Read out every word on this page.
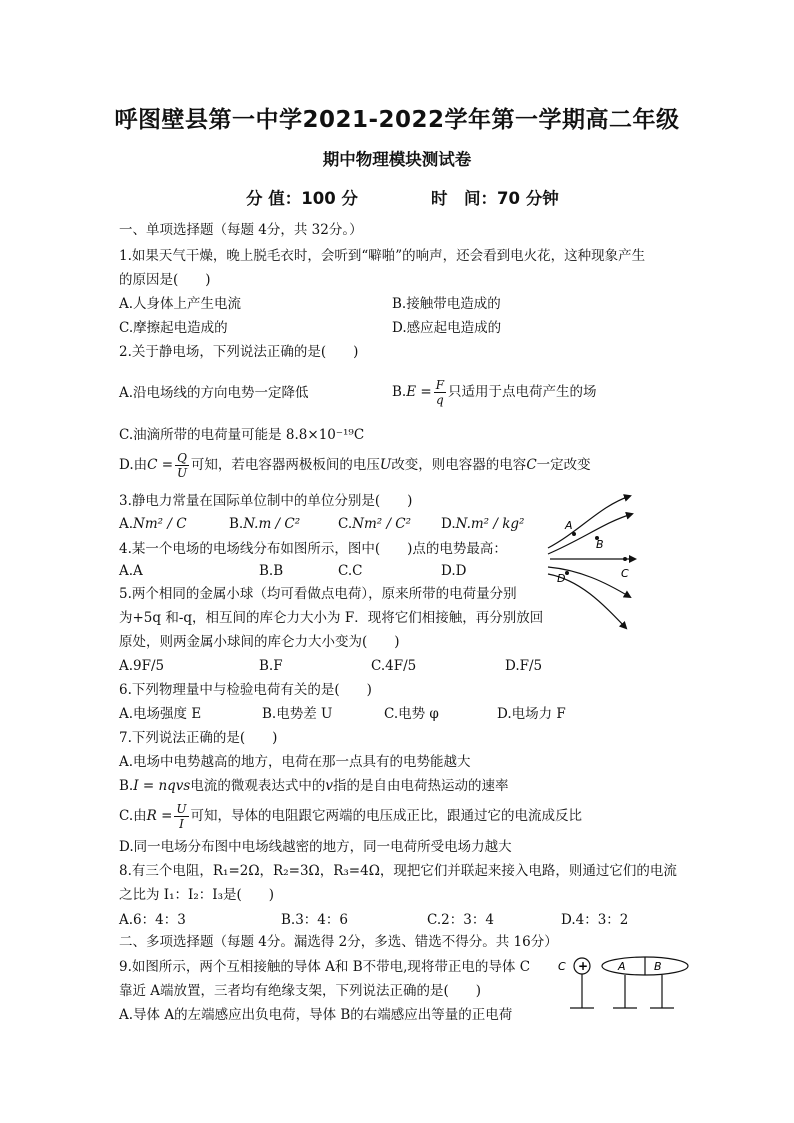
呼图壁县第一中学2021-2022学年第一学期高二年级
期中物理模块测试卷
分 值：100 分	时　间：70 分钟
一、单项选择题（每题 4分，共 32分。）
1.如果天气干燥，晚上脱毛衣时，会听到“噼啪”的响声，还会看到电火花，这种现象产生
的原因是(　　)
A.人身体上产生电流	B.接触带电造成的
C.摩擦起电造成的	D.感应起电造成的
2.关于静电场，下列说法正确的是(　　)
A.沿电场线的方向电势一定降低	$B.E = \frac{F}{q}$ 只适用于点电荷产生的场
C.油滴所带的电荷量可能是 8.8×10⁻¹⁹C
D.由$C = \frac{Q}{U}$ 可知，若电容器两极板间的电压U改变，则电容器的电容C一定改变
3.静电力常量在国际单位制中的单位分别是(　　)
A.Nm² / C	B.N.m / C²	C.Nm² / C² D.N.m² / kg²
4.某一个电场的电场线分布如图所示，图中(　　)点的电势最高：
A.A	B.B	C.C	D.D
A
B
C
D
5.两个相同的金属小球（均可看做点电荷），原来所带的电荷量分别
为+5q 和-q，相互间的库仑力大小为 F．现将它们相接触，再分别放回
原处，则两金属小球间的库仑力大小变为(　　)
A.9F/5	B.F	C.4F/5	D.F/5
6.下列物理量中与检验电荷有关的是(　　)
A.电场强度 E	B.电势差 U	C.电势 φ	D.电场力 F
7.下列说法正确的是(　　)
A.电场中电势越高的地方，电荷在那一点具有的电势能越大
B.I = nqvs电流的微观表达式中的v指的是自由电荷热运动的速率
C.由$R = \frac{U}{I}$ 可知，导体的电阻跟它两端的电压成正比，跟通过它的电流成反比
D.同一电场分布图中电场线越密的地方，同一电荷所受电场力越大
8.有三个电阻，R₁=2Ω，R₂=3Ω，R₃=4Ω，现把它们并联起来接入电路，则通过它们的电流
之比为 I₁：I₂：I₃是(　　)
A.6：4：3	B.3：4：6	C.2：3：4	D.4：3：2
二、多项选择题（每题 4分。漏选得 2分，多选、错选不得分。共 16分）
9.如图所示，两个互相接触的导体 A和 B不带电,现将带正电的导体 C
靠近 A端放置，三者均有绝缘支架，下列说法正确的是(　　)
A.导体 A的左端感应出负电荷，导体 B的右端感应出等量的正电荷
C +	A	B
